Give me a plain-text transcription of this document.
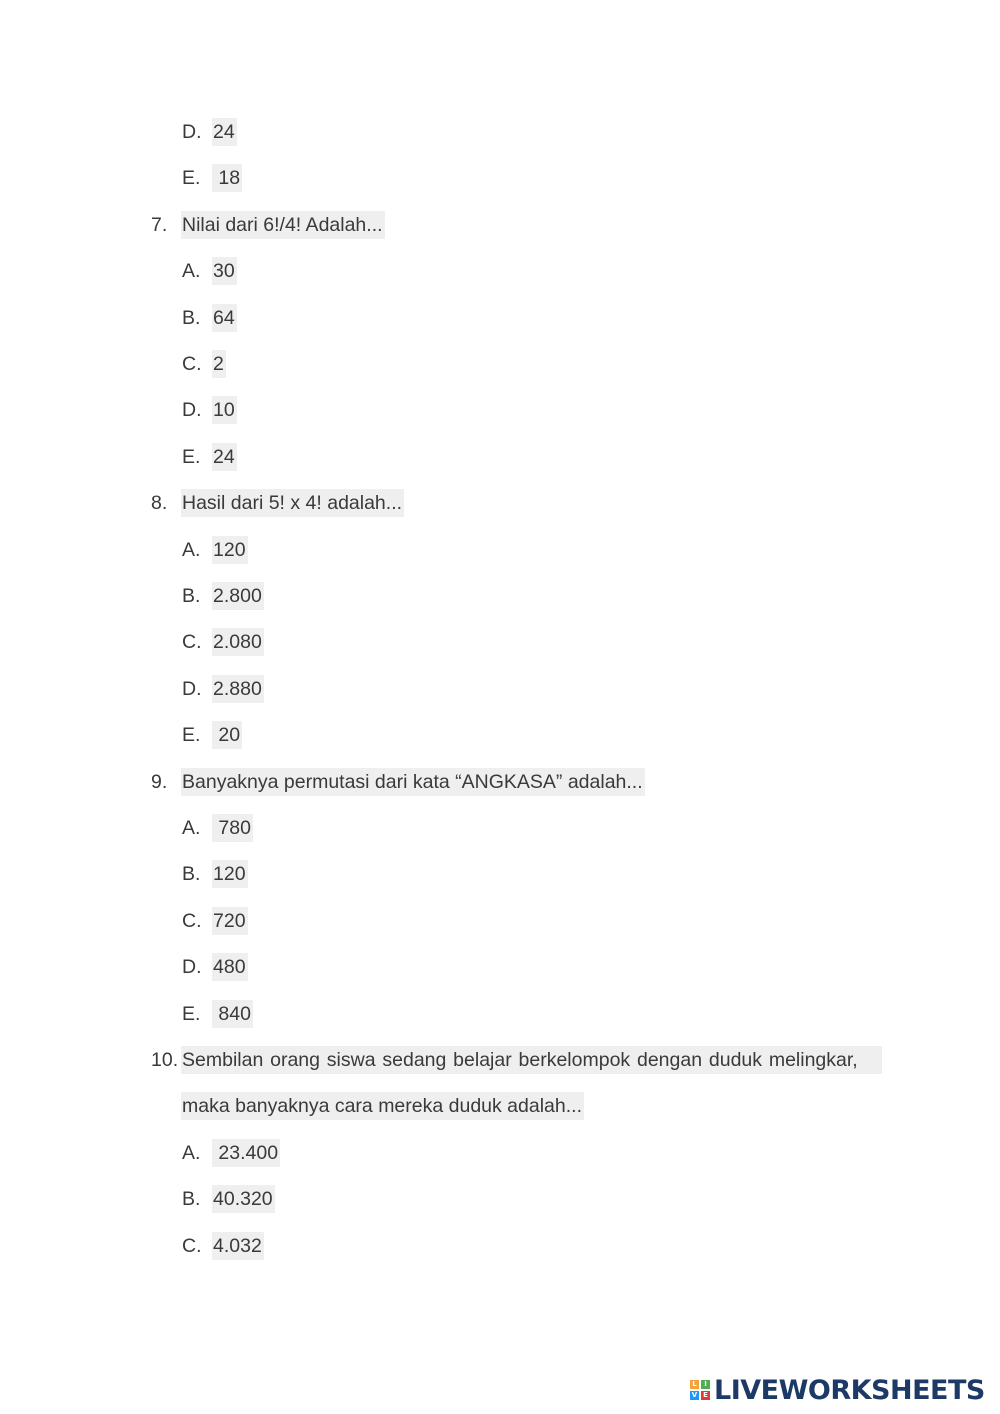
D. 24
E. 18
7. Nilai dari 6!/4! Adalah...
A. 30
B. 64
C. 2
D. 10
E. 24
8. Hasil dari 5! x 4! adalah...
A. 120
B. 2.800
C. 2.080
D. 2.880
E. 20
9. Banyaknya permutasi dari kata “ANGKASA” adalah...
A. 780
B. 120
C. 720
D. 480
E. 840
10. Sembilan orang siswa sedang belajar berkelompok dengan duduk melingkar,
maka banyaknya cara mereka duduk adalah...
A. 23.400
B. 40.320
C. 4.032
L	I
V E LIVEWORKSHEETS
